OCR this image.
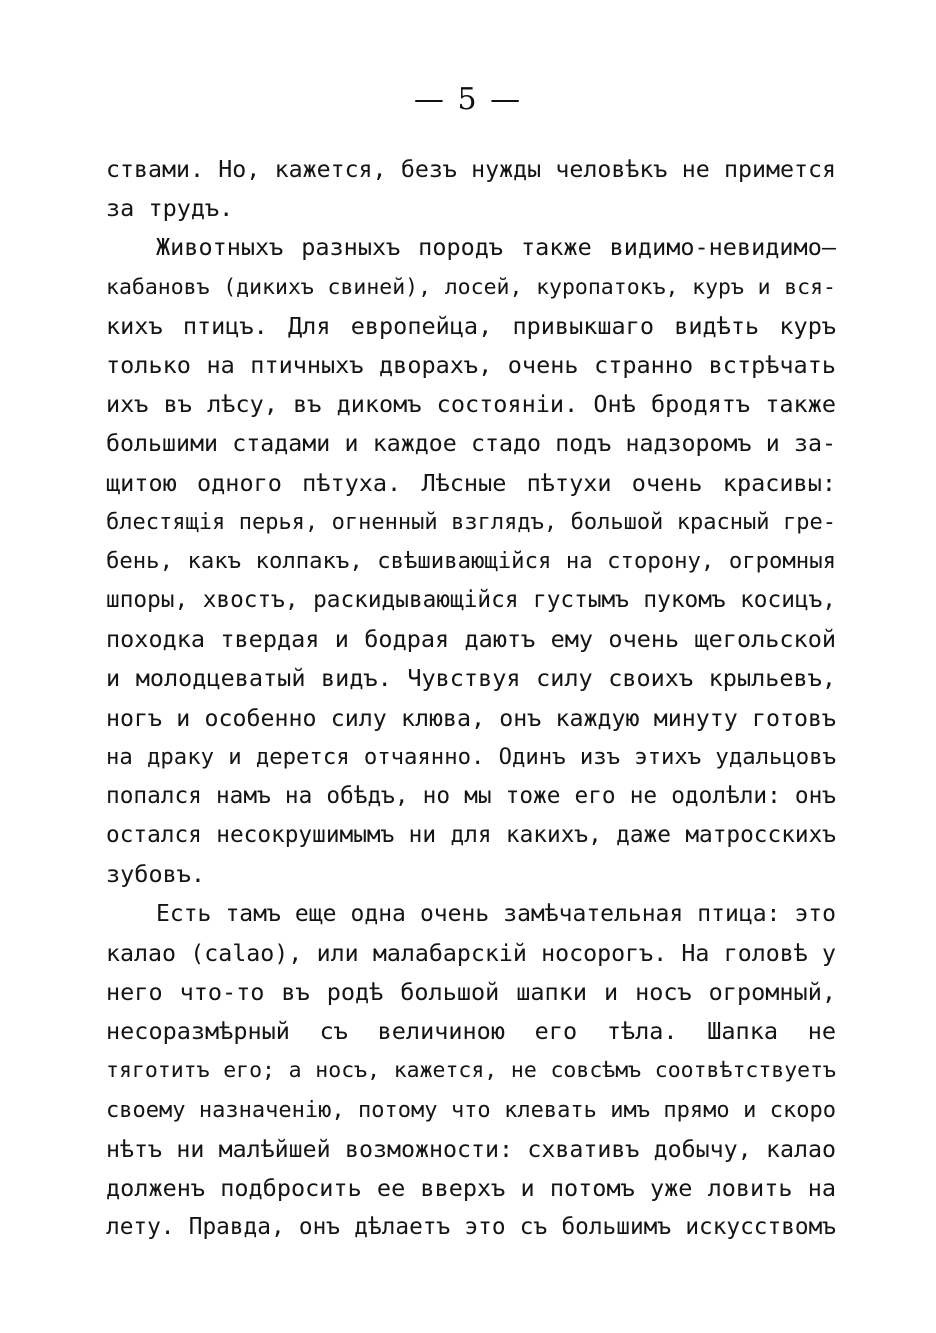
— 5 —
ствами. Но, кажется, безъ нужды человѣкъ не примется
за трудъ.
Животныхъ разныхъ породъ также видимо-невидимо—
кабановъ (дикихъ свиней), лосей, куропатокъ, куръ и вся-
кихъ птицъ. Для европейца, привыкшаго видѣть куръ
только на птичныхъ дворахъ, очень странно встрѣчать
ихъ въ лѣсу, въ дикомъ состояніи. Онѣ бродятъ также
большими стадами и каждое стадо подъ надзоромъ и за-
щитою одного пѣтуха. Лѣсные пѣтухи очень красивы:
блестящія перья, огненный взглядъ, большой красный гре-
бень, какъ колпакъ, свѣшивающійся на сторону, огромныя
шпоры, хвостъ, раскидывающійся густымъ пукомъ косицъ,
походка твердая и бодрая даютъ ему очень щегольской
и молодцеватый видъ. Чувствуя силу своихъ крыльевъ,
ногъ и особенно силу клюва, онъ каждую минуту готовъ
на драку и дерется отчаянно. Одинъ изъ этихъ удальцовъ
попался намъ на обѣдъ, но мы тоже его не одолѣли: онъ
остался несокрушимымъ ни для какихъ, даже матросскихъ
зубовъ.
Есть тамъ еще одна очень замѣчательная птица: это
калао (calao), или малабарскій носорогъ. На головѣ у
него что-то въ родѣ большой шапки и носъ огромный,
несоразмѣрный съ величиною его тѣла. Шапка не
тяготитъ его; а носъ, кажется, не совсѣмъ соотвѣтствуетъ
своему назначенію, потому что клевать имъ прямо и скоро
нѣтъ ни малѣйшей возможности: схвативъ добычу, калао
долженъ подбросить ее вверхъ и потомъ уже ловить на
лету. Правда, онъ дѣлаетъ это съ большимъ искусствомъ
